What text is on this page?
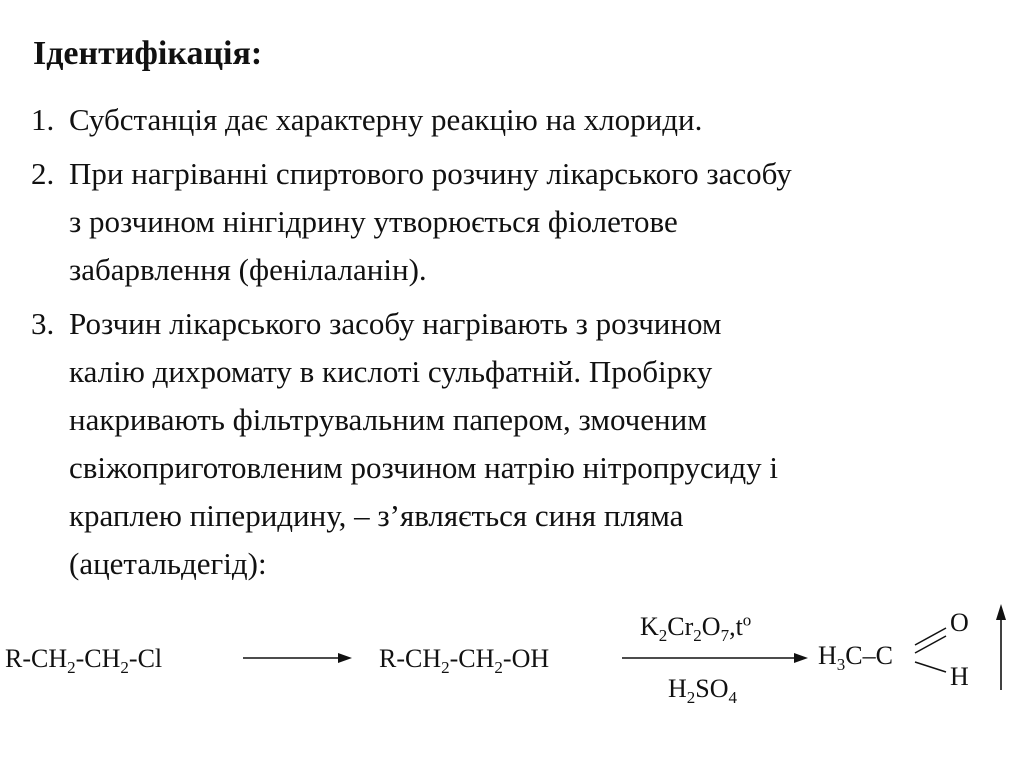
Ідентифікація:
1. Субстанція дає характерну реакцію на хлориди.
2. При нагріванні спиртового розчину лікарського засобу
з розчином нінгідрину утворюється фіолетове
забарвлення (фенілаланін).
3. Розчин лікарського засобу нагрівають з розчином
калію дихромату в кислоті сульфатній. Пробірку
накривають фільтрувальним папером, змоченим
свіжоприготовленим розчином натрію нітропрусиду і
краплею піперидину, – з’являється синя пляма
(ацетальдегід):
$R-CH_2-CH_2-Cl$	$R-CH_2-CH_2-OH$
$K_2Cr_2O_7,t^o$
$H_2SO_4$
$H_3C-C$
O
H
